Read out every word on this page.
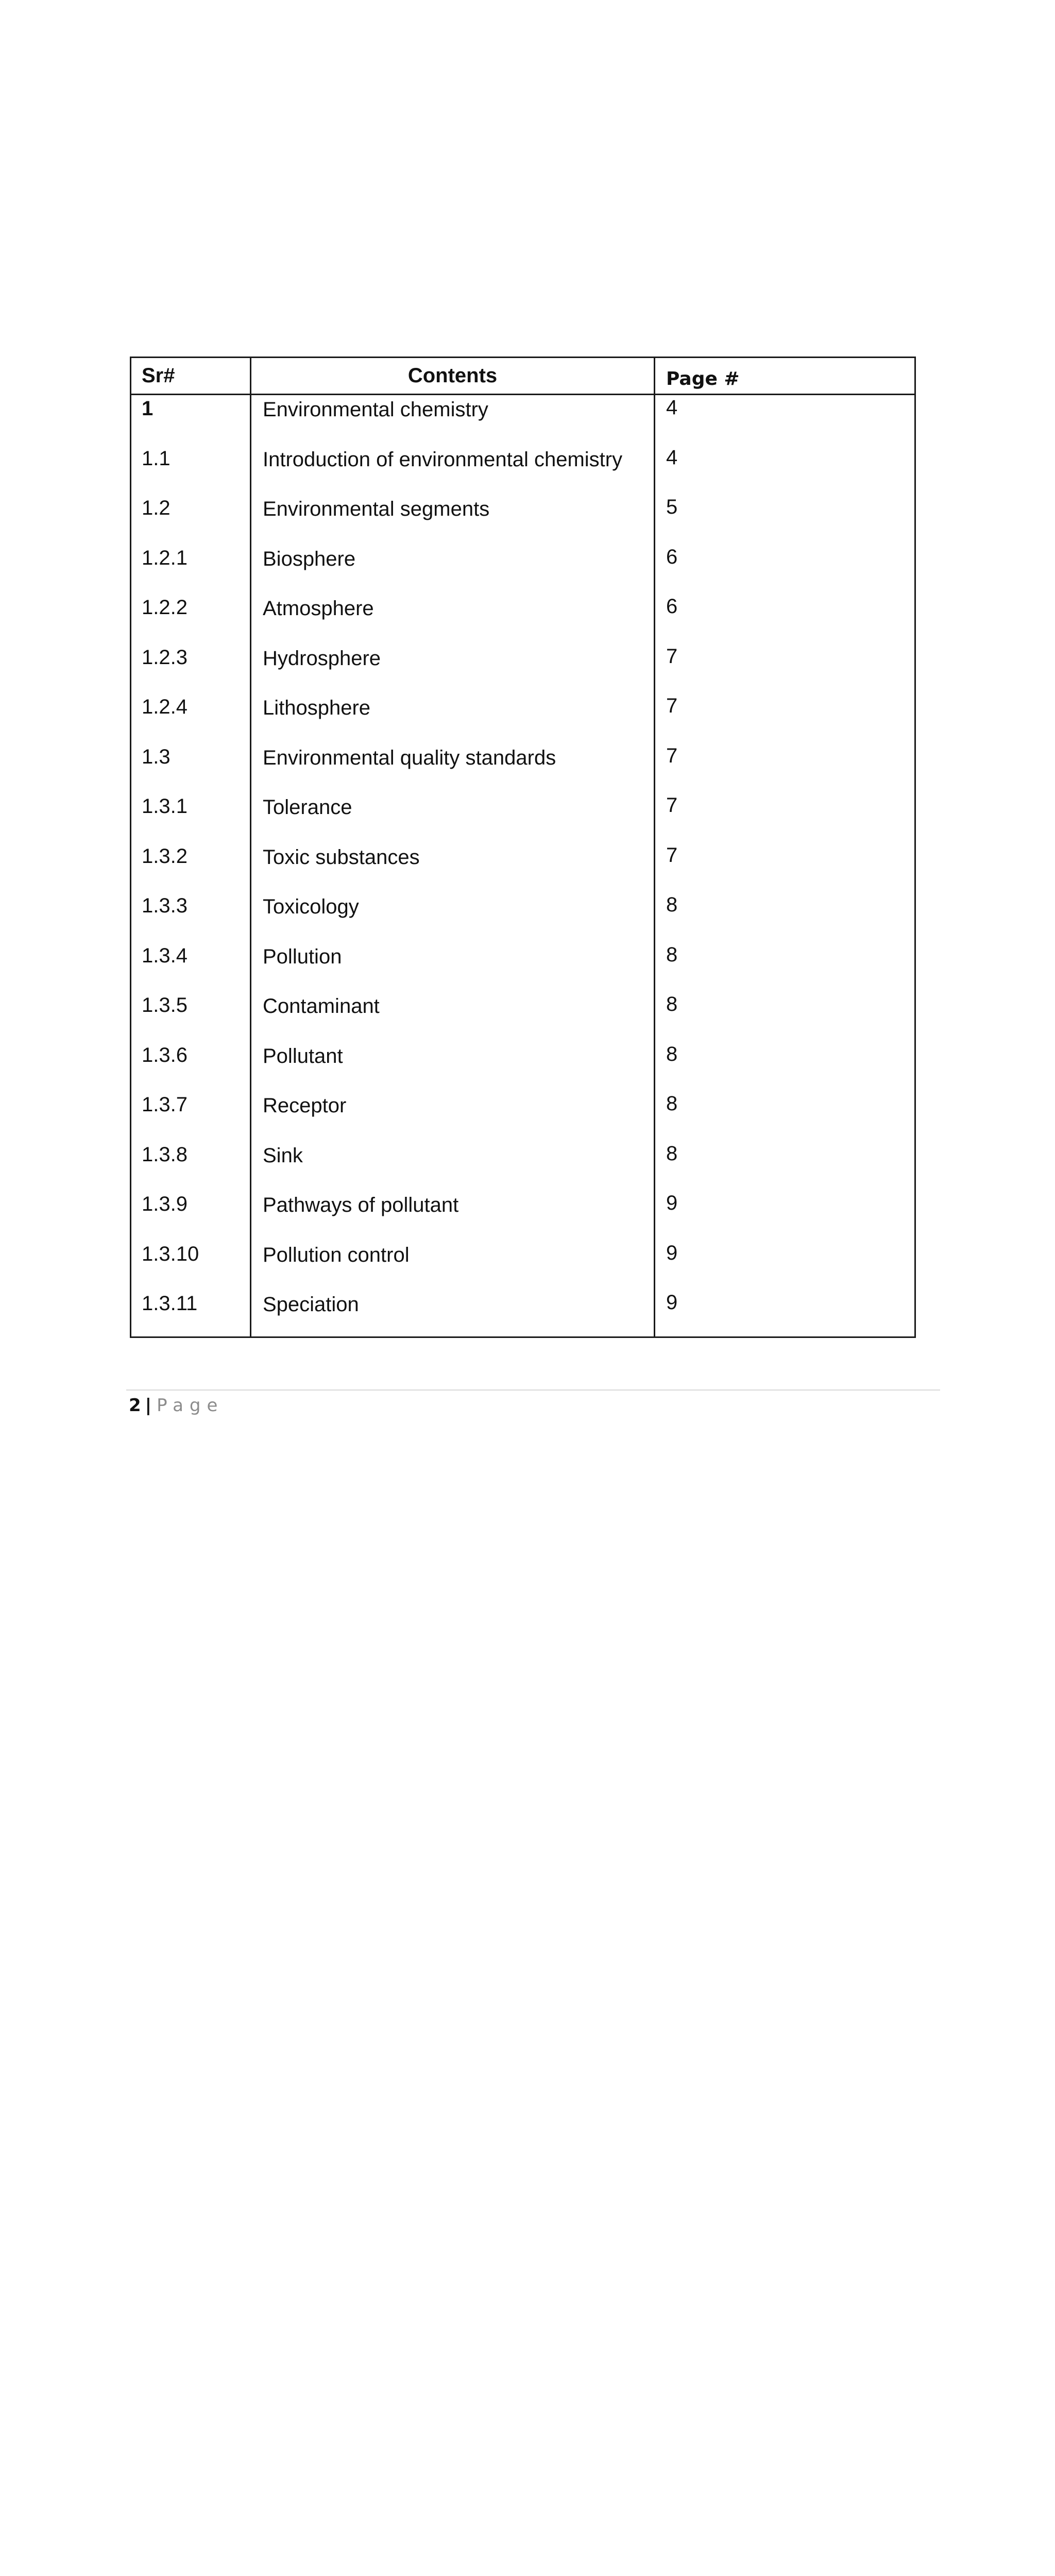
Sr#	Contents	Page #
1	Environmental chemistry	4
1.1	Introduction of environmental chemistry 4
1.2	Environmental segments	5
1.2.1	Biosphere	6
1.2.2	Atmosphere	6
1.2.3	Hydrosphere	7
1.2.4	Lithosphere	7
1.3	Environmental quality standards	7
1.3.1	Tolerance	7
1.3.2	Toxic substances	7
1.3.3	Toxicology	8
1.3.4	Pollution	8
1.3.5	Contaminant	8
1.3.6	Pollutant	8
1.3.7	Receptor	8
1.3.8	Sink	8
1.3.9	Pathways of pollutant	9
1.3.10	Pollution control	9
1.3.11	Speciation	9
2 | Page
